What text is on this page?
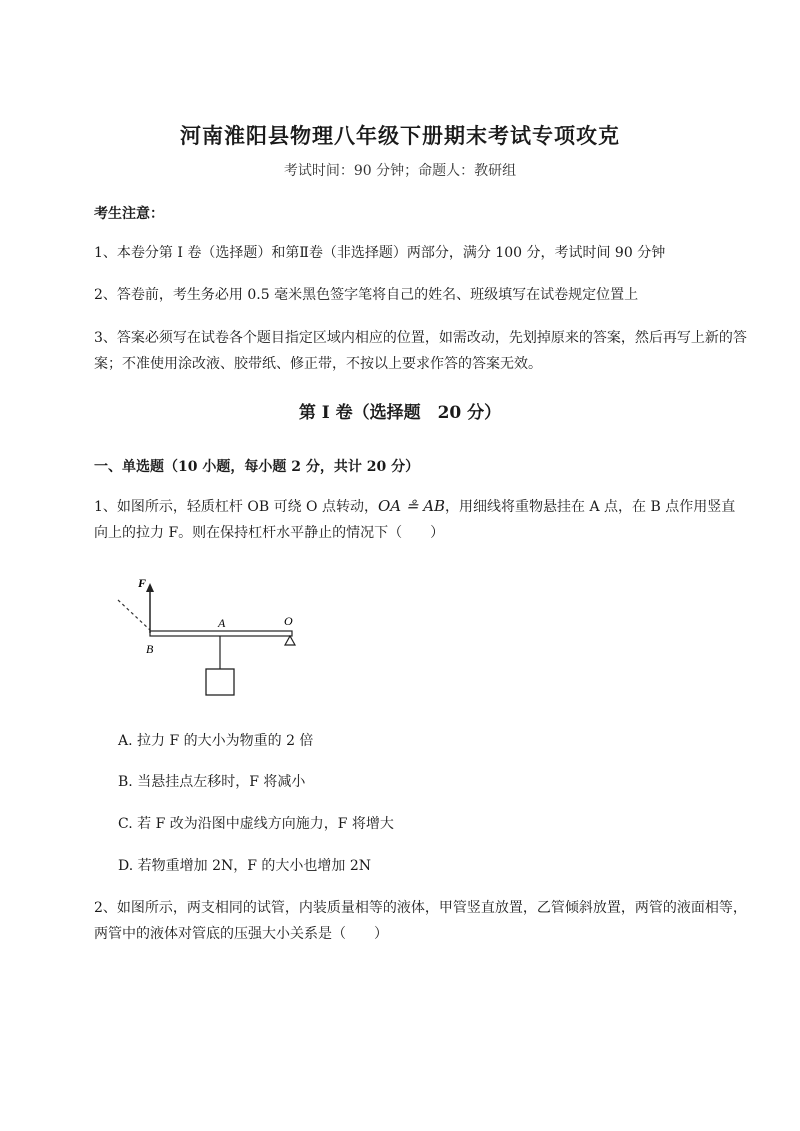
河南淮阳县物理八年级下册期末考试专项攻克
考试时间：90 分钟；命题人：教研组
考生注意：
1、本卷分第 I 卷（选择题）和第Ⅱ卷（非选择题）两部分，满分 100 分，考试时间 90 分钟
2、答卷前，考生务必用 0.5 毫米黑色签字笔将自己的姓名、班级填写在试卷规定位置上
3、答案必须写在试卷各个题目指定区域内相应的位置，如需改动，先划掉原来的答案，然后再写上新的答案；不准使用涂改液、胶带纸、修正带，不按以上要求作答的答案无效。
第 I 卷（选择题　20 分）
一、单选题（10 小题，每小题 2 分，共计 20 分）
1、如图所示，轻质杠杆 OB 可绕 O 点转动，OA ≗ AB，用细线将重物悬挂在 A 点，在 B 点作用竖直
向上的拉力 F。则在保持杠杆水平静止的情况下（　　）
F
A	O
B
A. 拉力 F 的大小为物重的 2 倍
B. 当悬挂点左移时，F 将减小
C. 若 F 改为沿图中虚线方向施力，F 将增大
D. 若物重增加 2N，F 的大小也增加 2N
2、如图所示，两支相同的试管，内装质量相等的液体，甲管竖直放置，乙管倾斜放置，两管的液面相等，两管中的液体对管底的压强大小关系是（　　）
